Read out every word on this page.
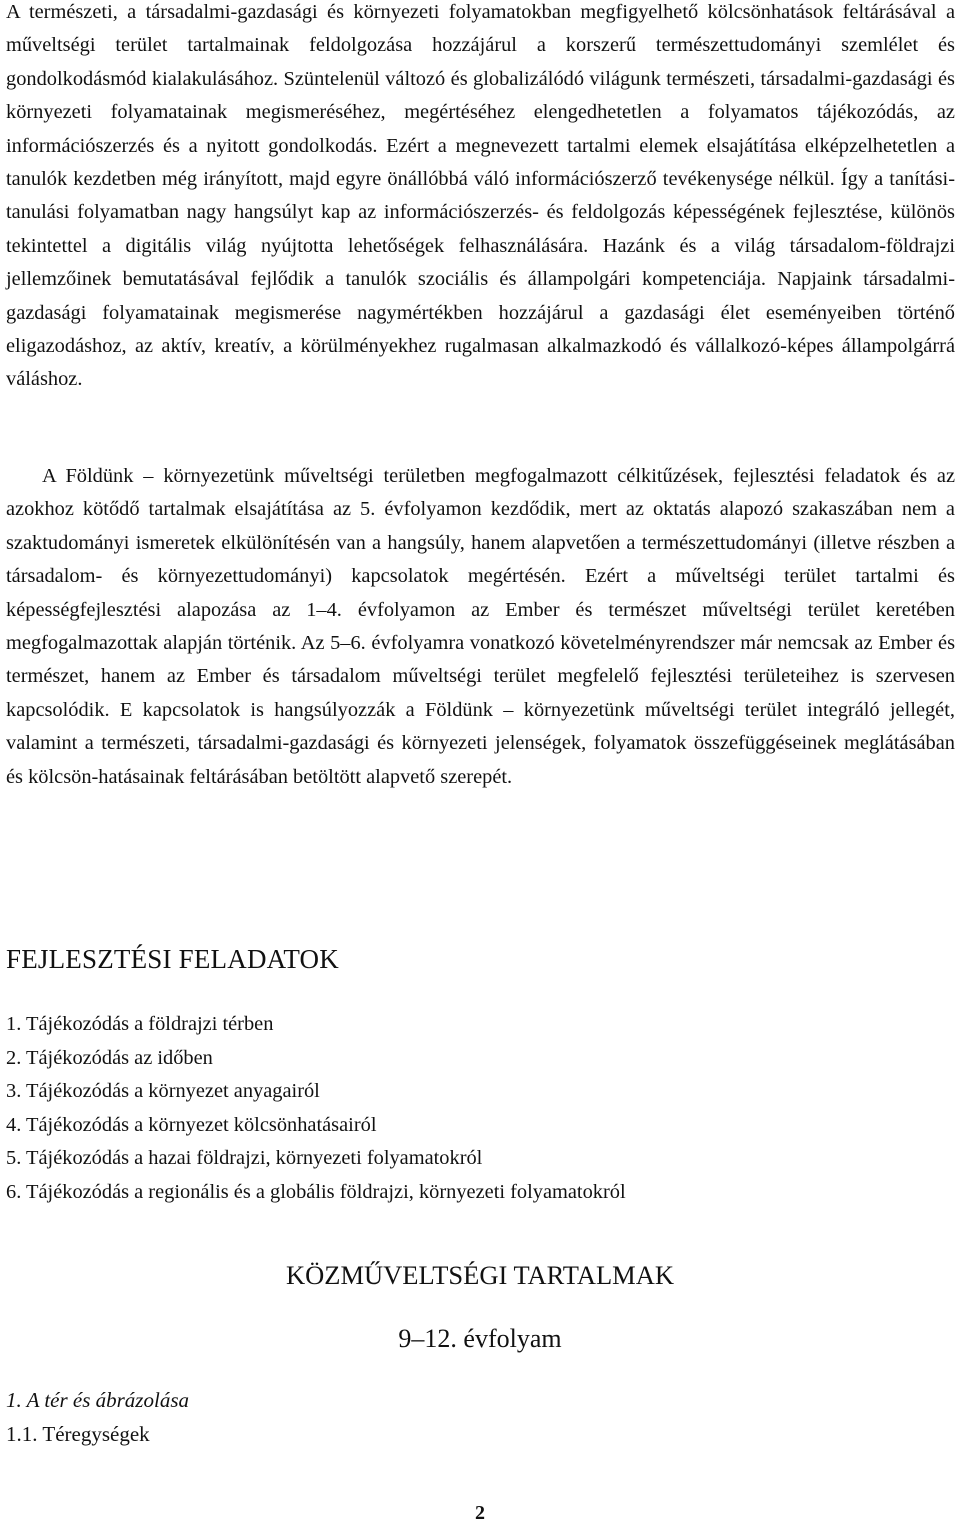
A természeti, a társadalmi-gazdasági és környezeti folyamatokban megfigyelhető kölcsönhatások feltárásával a műveltségi terület tartalmainak feldolgozása hozzájárul a korszerű természettudományi szemlélet és gondolkodásmód kialakulásához. Szüntelenül változó és globalizálódó világunk természeti, társadalmi-gazdasági és környezeti folyamatainak megismeréséhez, megértéséhez elengedhetetlen a folyamatos tájékozódás, az információszerzés és a nyitott gondolkodás. Ezért a megnevezett tartalmi elemek elsajátítása elképzelhetetlen a tanulók kezdetben még irányított, majd egyre önállóbbá váló információszerző tevékenysége nélkül. Így a tanítási-tanulási folyamatban nagy hangsúlyt kap az információszerzés- és feldolgozás képességének fejlesztése, különös tekintettel a digitális világ nyújtotta lehetőségek felhasználására. Hazánk és a világ társadalom-földrajzi jellemzőinek bemutatásával fejlődik a tanulók szociális és állampolgári kompetenciája. Napjaink társadalmi-gazdasági folyamatainak megismerése nagymértékben hozzájárul a gazdasági élet eseményeiben történő eligazodáshoz, az aktív, kreatív, a körülményekhez rugalmasan alkalmazkodó és vállalkozó-képes állampolgárrá váláshoz.

A Földünk – környezetünk műveltségi területben megfogalmazott célkitűzések, fejlesztési feladatok és az azokhoz kötődő tartalmak elsajátítása az 5. évfolyamon kezdődik, mert az oktatás alapozó szakaszában nem a szaktudományi ismeretek elkülönítésén van a hangsúly, hanem alapvetően a természettudományi (illetve részben a társadalom- és környezettudományi) kapcsolatok megértésén. Ezért a műveltségi terület tartalmi és képességfejlesztési alapozása az 1–4. évfolyamon az Ember és természet műveltségi terület keretében megfogalmazottak alapján történik. Az 5–6. évfolyamra vonatkozó követelményrendszer már nemcsak az Ember és természet, hanem az Ember és társadalom műveltségi terület megfelelő fejlesztési területeihez is szervesen kapcsolódik. E kapcsolatok is hangsúlyozzák a Földünk – környezetünk műveltségi terület integráló jellegét, valamint a természeti, társadalmi-gazdasági és környezeti jelenségek, folyamatok összefüggéseinek meglátásában és kölcsön-hatásainak feltárásában betöltött alapvető szerepét.

FEJLESZTÉSI FELADATOK
1. Tájékozódás a földrajzi térben
2. Tájékozódás az időben
3. Tájékozódás a környezet anyagairól
4. Tájékozódás a környezet kölcsönhatásairól
5. Tájékozódás a hazai földrajzi, környezeti folyamatokról
6. Tájékozódás a regionális és a globális földrajzi, környezeti folyamatokról
KÖZMŰVELTSÉGI TARTALMAK
9–12. évfolyam
1. A tér és ábrázolása
1.1. Téregységek

2
